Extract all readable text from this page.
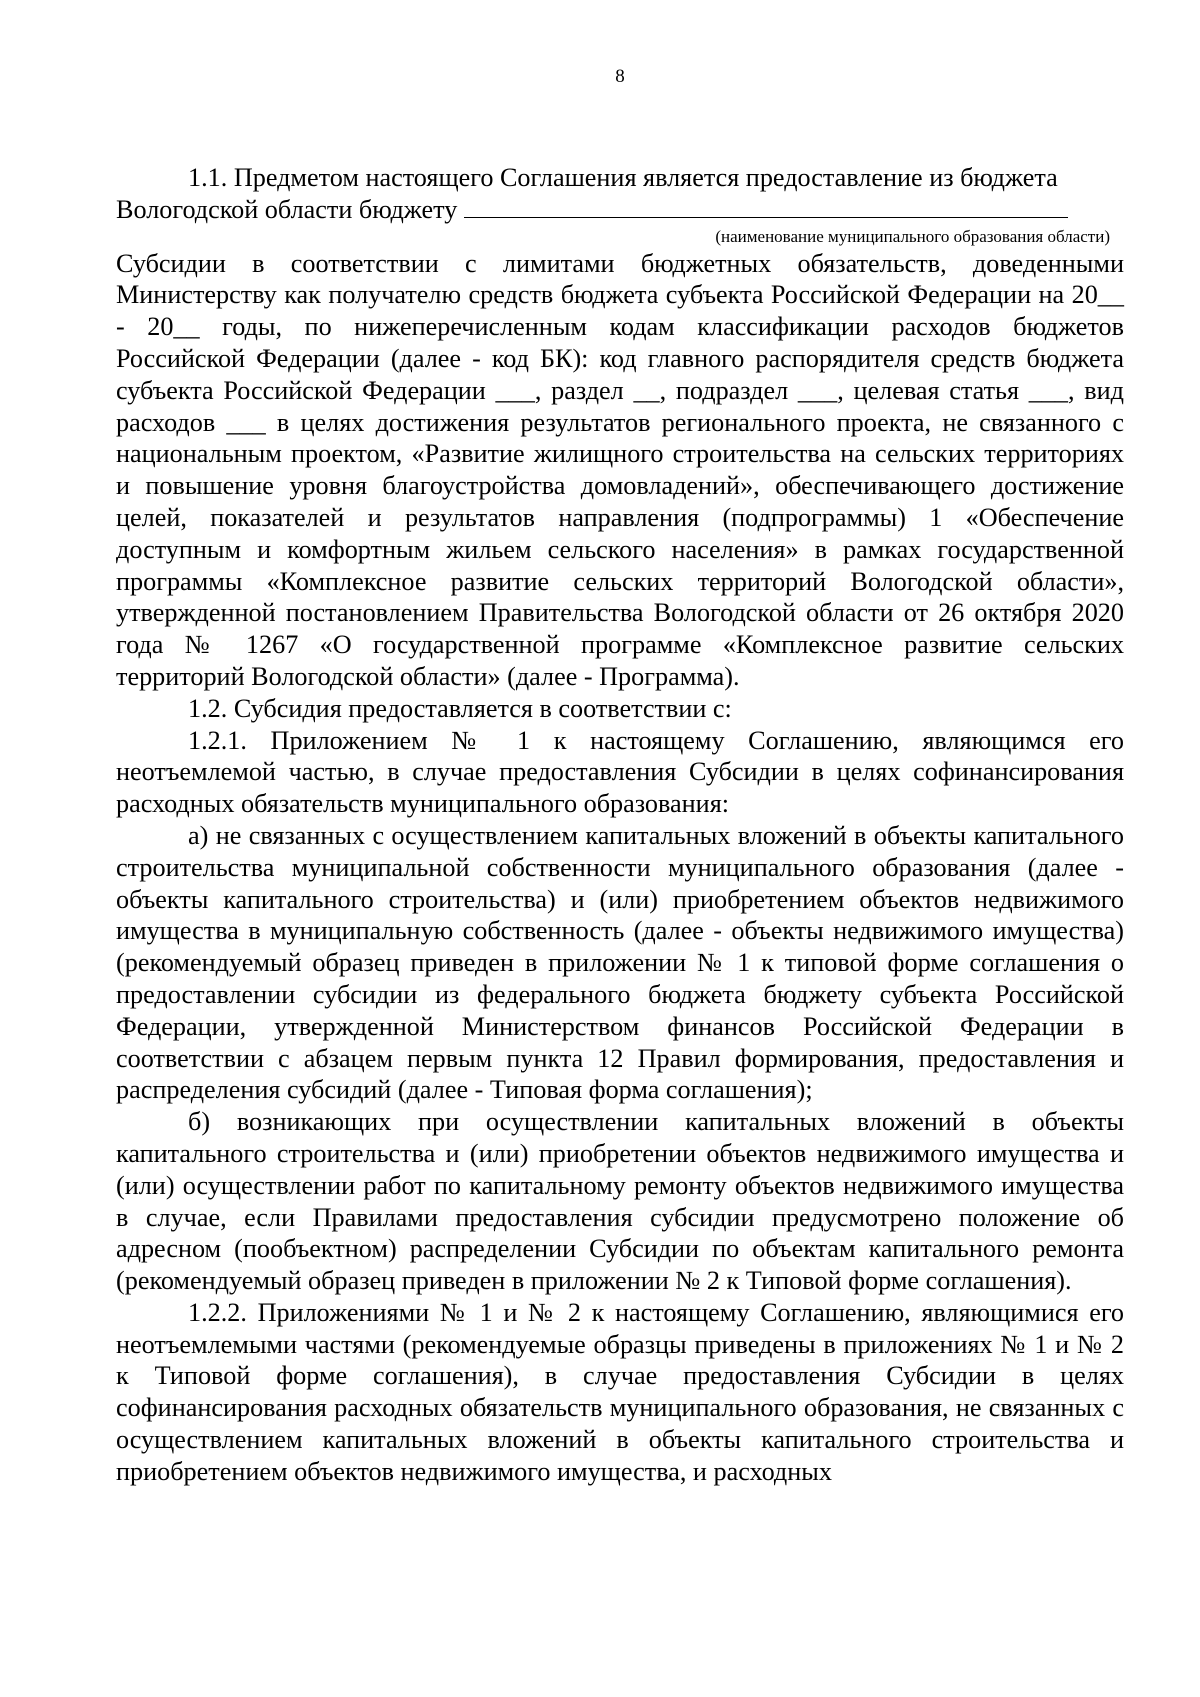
8

1.1. Предметом настоящего Соглашения является предоставление из бюджета

Вологодской области бюджету
(наименование муниципального образования области)

Субсидии в соответствии с лимитами бюджетных обязательств, доведенными Министерству как получателю средств бюджета субъекта Российской Федерации на 20__ - 20__ годы, по нижеперечисленным кодам классификации расходов бюджетов Российской Федерации (далее - код БК): код главного распорядителя средств бюджета субъекта Российской Федерации ___, раздел __, подраздел ___, целевая статья ___, вид расходов ___ в целях достижения результатов регионального проекта, не связанного с национальным проектом, «Развитие жилищного строительства на сельских территориях и повышение уровня благоустройства домовладений», обеспечивающего достижение целей, показателей и результатов направления (подпрограммы) 1 «Обеспечение доступным и комфортным жильем сельского населения» в рамках государственной программы «Комплексное развитие сельских территорий Вологодской области», утвержденной постановлением Правительства Вологодской области от 26 октября 2020 года № 1267 «О государственной программе «Комплексное развитие сельских территорий Вологодской области» (далее - Программа).

1.2. Субсидия предоставляется в соответствии с:

1.2.1. Приложением № 1 к настоящему Соглашению, являющимся его неотъемлемой частью, в случае предоставления Субсидии в целях софинансирования расходных обязательств муниципального образования:

а) не связанных с осуществлением капитальных вложений в объекты капитального строительства муниципальной собственности муниципального образования (далее - объекты капитального строительства) и (или) приобретением объектов недвижимого имущества в муниципальную собственность (далее - объекты недвижимого имущества) (рекомендуемый образец приведен в приложении № 1 к типовой форме соглашения о предоставлении субсидии из федерального бюджета бюджету субъекта Российской Федерации, утвержденной Министерством финансов Российской Федерации в соответствии с абзацем первым пункта 12 Правил формирования, предоставления и распределения субсидий (далее - Типовая форма соглашения);

б) возникающих при осуществлении капитальных вложений в объекты капитального строительства и (или) приобретении объектов недвижимого имущества и (или) осуществлении работ по капитальному ремонту объектов недвижимого имущества в случае, если Правилами предоставления субсидии предусмотрено положение об адресном (пообъектном) распределении Субсидии по объектам капитального ремонта (рекомендуемый образец приведен в приложении № 2 к Типовой форме соглашения).

1.2.2. Приложениями № 1 и № 2 к настоящему Соглашению, являющимися его неотъемлемыми частями (рекомендуемые образцы приведены в приложениях № 1 и № 2 к Типовой форме соглашения), в случае предоставления Субсидии в целях софинансирования расходных обязательств муниципального образования, не связанных с осуществлением капитальных вложений в объекты капитального строительства и приобретением объектов недвижимого имущества, и расходных
